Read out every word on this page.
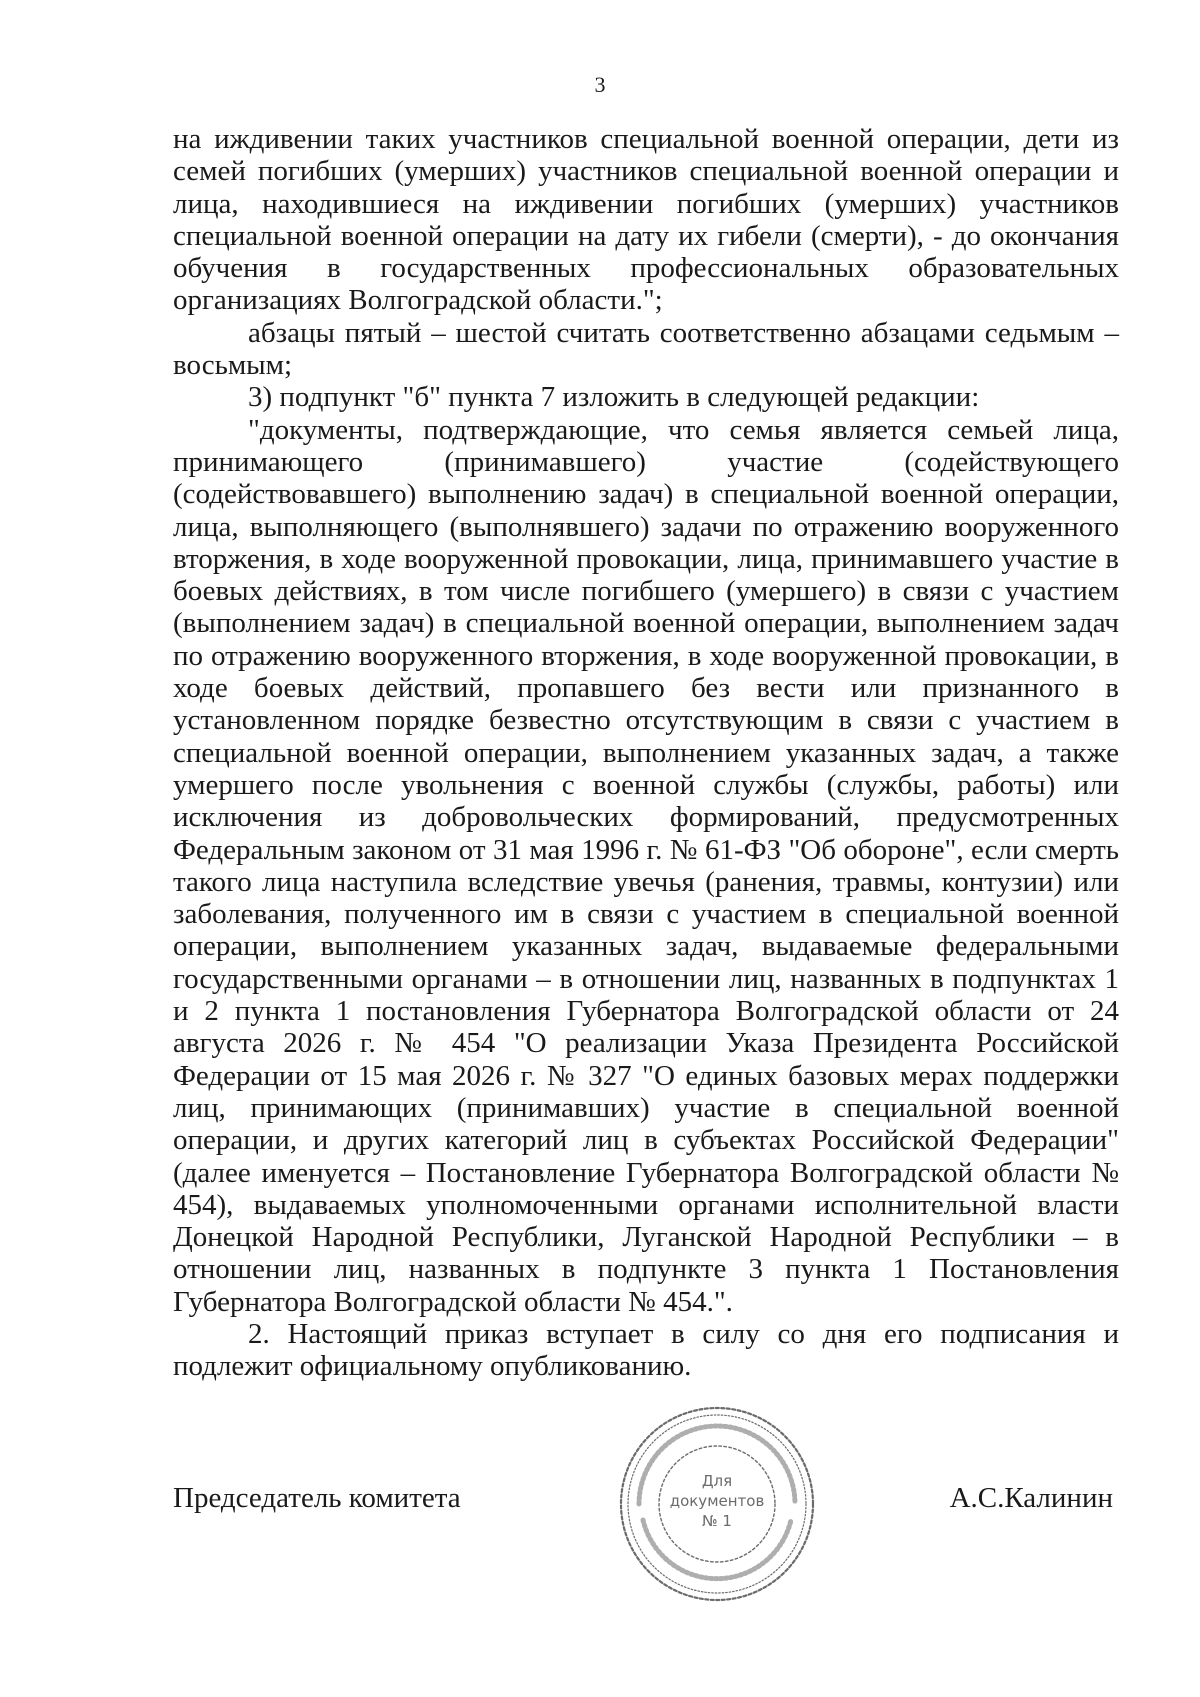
3

на иждивении таких участников специальной военной операции, дети из семей погибших (умерших) участников специальной военной операции и лица, находившиеся на иждивении погибших (умерших) участников специальной военной операции на дату их гибели (смерти), - до окончания обучения в государственных профессиональных образовательных организациях Волгоградской области.";

абзацы пятый – шестой считать соответственно абзацами седьмым – восьмым;

3) подпункт "б" пункта 7 изложить в следующей редакции:

"документы, подтверждающие, что семья является семьей лица, принимающего (принимавшего) участие (содействующего (содействовавшего) выполнению задач) в специальной военной операции, лица, выполняющего (выполнявшего) задачи по отражению вооруженного вторжения, в ходе вооруженной провокации, лица, принимавшего участие в боевых действиях, в том числе погибшего (умершего) в связи с участием (выполнением задач) в специальной военной операции, выполнением задач по отражению вооруженного вторжения, в ходе вооруженной провокации, в ходе боевых действий, пропавшего без вести или признанного в установленном порядке безвестно отсутствующим в связи с участием в специальной военной операции, выполнением указанных задач, а также умершего после увольнения с военной службы (службы, работы) или исключения из добровольческих формирований, предусмотренных Федеральным законом от 31 мая 1996 г. № 61-ФЗ "Об обороне", если смерть такого лица наступила вследствие увечья (ранения, травмы, контузии) или заболевания, полученного им в связи с участием в специальной военной операции, выполнением указанных задач, выдаваемые федеральными государственными органами – в отношении лиц, названных в подпунктах 1 и 2 пункта 1 постановления Губернатора Волгоградской области от 24 августа 2026 г. № 454 "О реализации Указа Президента Российской Федерации от 15 мая 2026 г. № 327 "О единых базовых мерах поддержки лиц, принимающих (принимавших) участие в специальной военной операции, и других категорий лиц в субъектах Российской Федерации" (далее именуется – Постановление Губернатора Волгоградской области № 454), выдаваемых уполномоченными органами исполнительной власти Донецкой Народной Республики, Луганской Народной Республики – в отношении лиц, названных в подпункте 3 пункта 1 Постановления Губернатора Волгоградской области № 454.".

2. Настоящий приказ вступает в силу со дня его подписания и подлежит официальному опубликованию.

Председатель комитета	А.С.Калинин
Для
документов
№ 1
